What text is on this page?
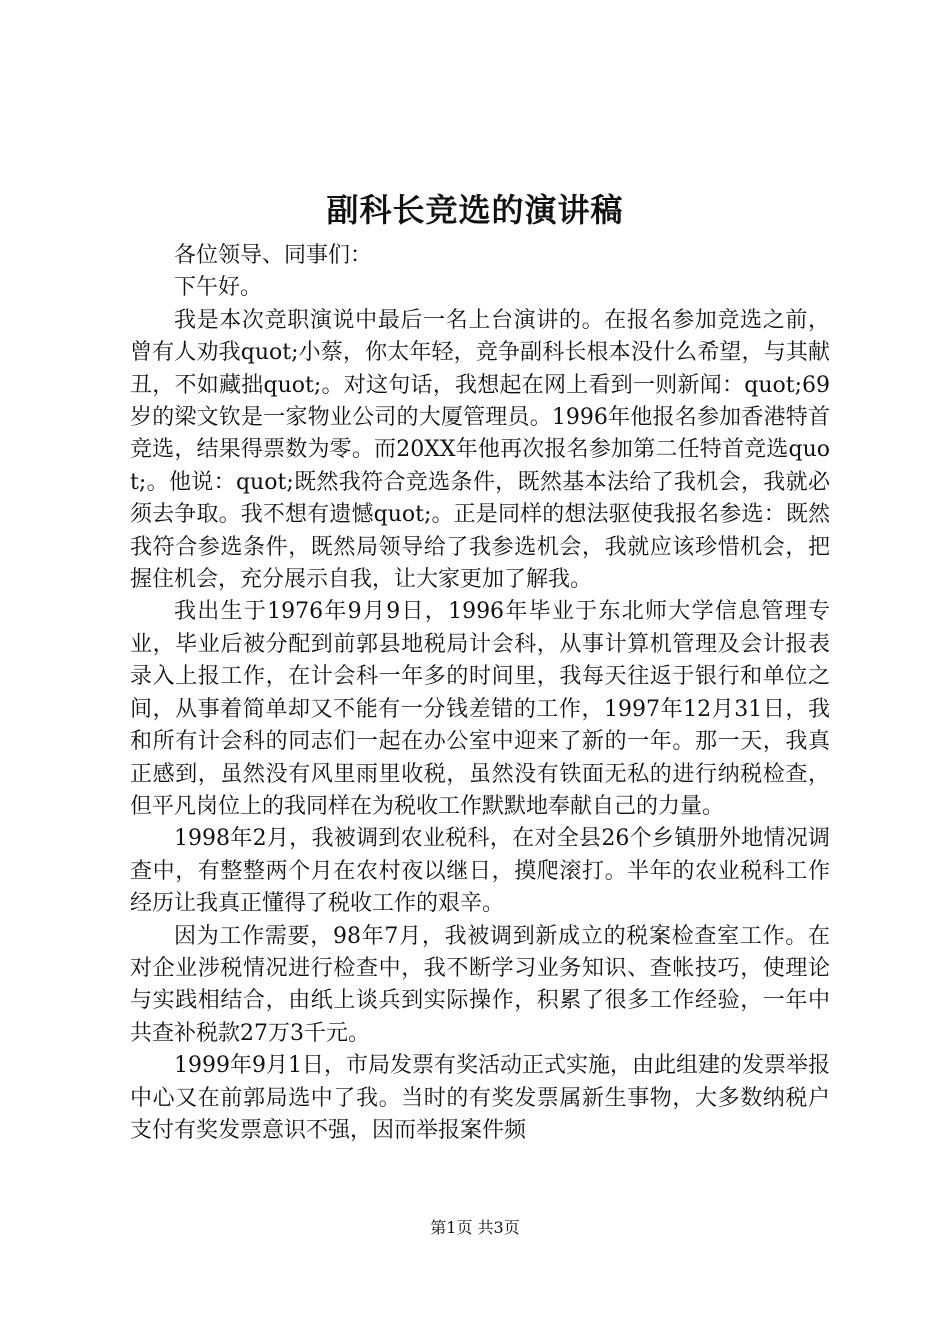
副科长竞选的演讲稿

各位领导、同事们：

下午好。

我是本次竞职演说中最后一名上台演讲的。在报名参加竞选之前，曾有人劝我quot;小蔡，你太年轻，竞争副科长根本没什么希望，与其献丑，不如藏拙quot;。对这句话，我想起在网上看到一则新闻：quot;69岁的梁文钦是一家物业公司的大厦管理员。1996年他报名参加香港特首竞选，结果得票数为零。而20XX年他再次报名参加第二任特首竞选quot;。他说：quot;既然我符合竞选条件，既然基本法给了我机会，我就必须去争取。我不想有遗憾quot;。正是同样的想法驱使我报名参选：既然我符合参选条件，既然局领导给了我参选机会，我就应该珍惜机会，把握住机会，充分展示自我，让大家更加了解我。

我出生于1976年9月9日，1996年毕业于东北师大学信息管理专业，毕业后被分配到前郭县地税局计会科，从事计算机管理及会计报表录入上报工作，在计会科一年多的时间里，我每天往返于银行和单位之间，从事着简单却又不能有一分钱差错的工作，1997年12月31日，我和所有计会科的同志们一起在办公室中迎来了新的一年。那一天，我真正感到，虽然没有风里雨里收税，虽然没有铁面无私的进行纳税检查，但平凡岗位上的我同样在为税收工作默默地奉献自己的力量。

1998年2月，我被调到农业税科，在对全县26个乡镇册外地情况调查中，有整整两个月在农村夜以继日，摸爬滚打。半年的农业税科工作经历让我真正懂得了税收工作的艰辛。

因为工作需要，98年7月，我被调到新成立的税案检查室工作。在对企业涉税情况进行检查中，我不断学习业务知识、查帐技巧，使理论与实践相结合，由纸上谈兵到实际操作，积累了很多工作经验，一年中共查补税款27万3千元。

1999年9月1日，市局发票有奖活动正式实施，由此组建的发票举报中心又在前郭局选中了我。当时的有奖发票属新生事物，大多数纳税户支付有奖发票意识不强，因而举报案件频

第1页 共3页
